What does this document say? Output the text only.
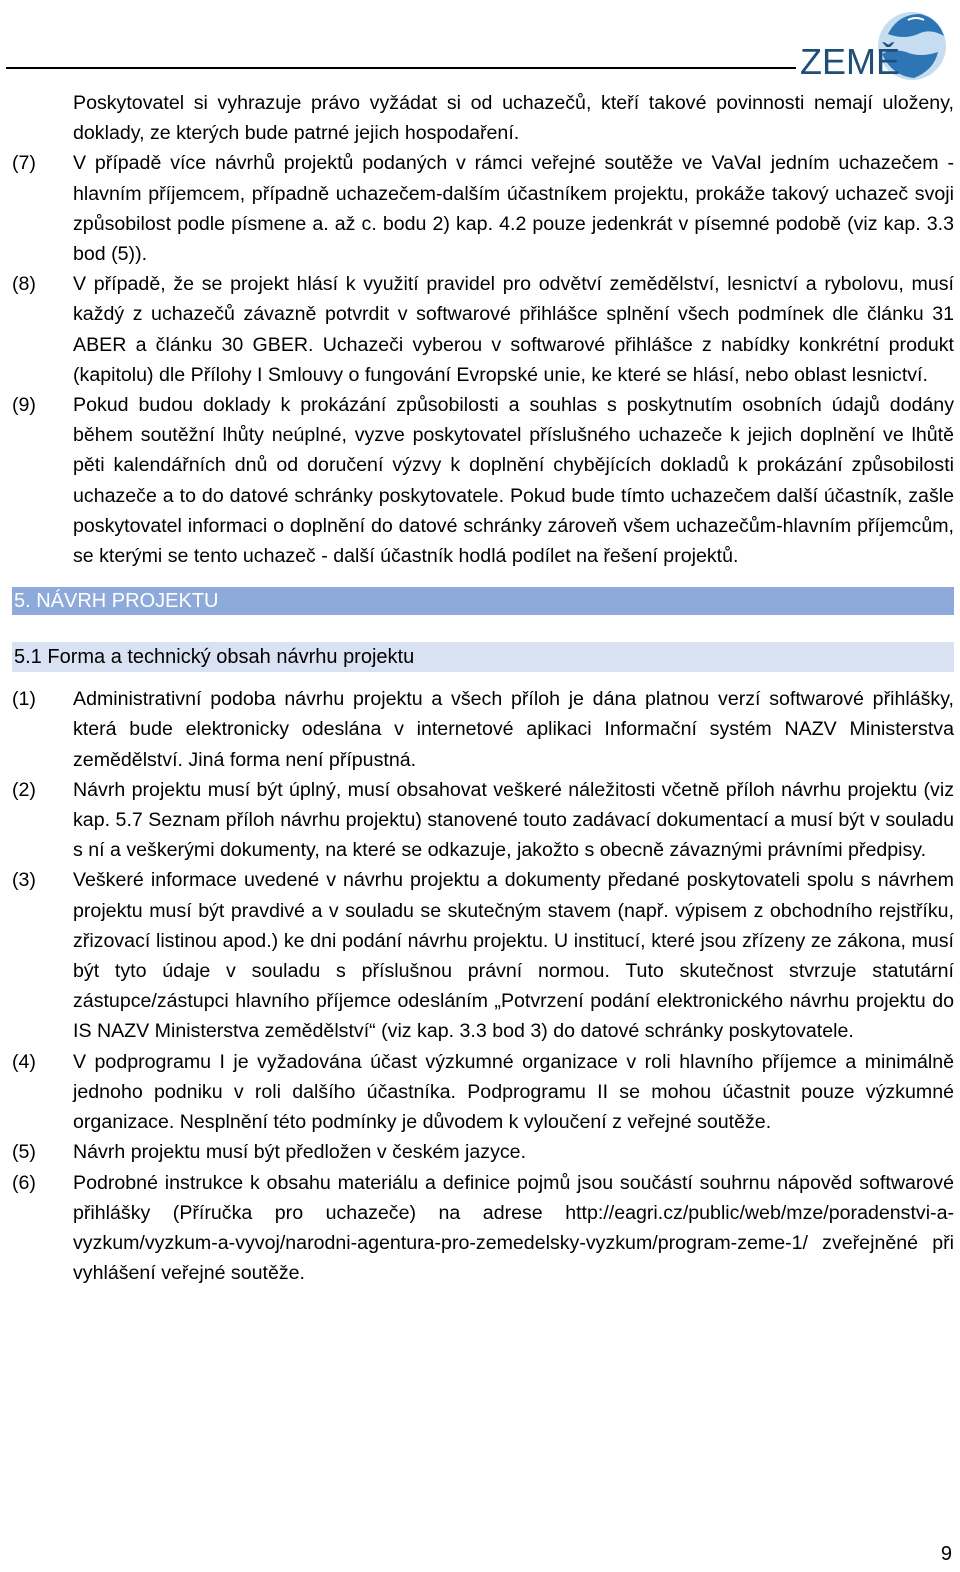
ZEMĚ
Poskytovatel si vyhrazuje právo vyžádat si od uchazečů, kteří takové povinnosti nemají uloženy, doklady, ze kterých bude patrné jejich hospodaření.
(7)	V případě více návrhů projektů podaných v rámci veřejné soutěže ve VaVaI jedním uchazečem - hlavním příjemcem, případně uchazečem-dalším účastníkem projektu, prokáže takový uchazeč svoji způsobilost podle písmene a. až c. bodu 2) kap. 4.2 pouze jedenkrát v písemné podobě (viz kap. 3.3 bod (5)).
(8)	V případě, že se projekt hlásí k využití pravidel pro odvětví zemědělství, lesnictví a rybolovu, musí každý z uchazečů závazně potvrdit v softwarové přihlášce splnění všech podmínek dle článku 31 ABER a článku 30 GBER. Uchazeči vyberou v softwarové přihlášce z nabídky konkrétní produkt (kapitolu) dle Přílohy I Smlouvy o fungování Evropské unie, ke které se hlásí, nebo oblast lesnictví.
(9)	Pokud budou doklady k prokázání způsobilosti a souhlas s poskytnutím osobních údajů dodány během soutěžní lhůty neúplné, vyzve poskytovatel příslušného uchazeče k jejich doplnění ve lhůtě pěti kalendářních dnů od doručení výzvy k doplnění chybějících dokladů k prokázání způsobilosti uchazeče a to do datové schránky poskytovatele. Pokud bude tímto uchazečem další účastník, zašle poskytovatel informaci o doplnění do datové schránky zároveň všem uchazečům-hlavním příjemcům, se kterými se tento uchazeč - další účastník hodlá podílet na řešení projektů.
5. NÁVRH PROJEKTU
5.1 Forma a technický obsah návrhu projektu
(1)	Administrativní podoba návrhu projektu a všech příloh je dána platnou verzí softwarové přihlášky, která bude elektronicky odeslána v internetové aplikaci Informační systém NAZV Ministerstva zemědělství. Jiná forma není přípustná.
(2)	Návrh projektu musí být úplný, musí obsahovat veškeré náležitosti včetně příloh návrhu projektu (viz kap. 5.7 Seznam příloh návrhu projektu) stanovené touto zadávací dokumentací a musí být v souladu s ní a veškerými dokumenty, na které se odkazuje, jakožto s obecně závaznými právními předpisy.
(3)	Veškeré informace uvedené v návrhu projektu a dokumenty předané poskytovateli spolu s návrhem projektu musí být pravdivé a v souladu se skutečným stavem (např. výpisem z obchodního rejstříku, zřizovací listinou apod.) ke dni podání návrhu projektu. U institucí, které jsou zřízeny ze zákona, musí být tyto údaje v souladu s příslušnou právní normou. Tuto skutečnost stvrzuje statutární zástupce/zástupci hlavního příjemce odesláním „Potvrzení podání elektronického návrhu projektu do IS NAZV Ministerstva zemědělství“ (viz kap. 3.3 bod 3) do datové schránky poskytovatele.
(4)	V podprogramu I je vyžadována účast výzkumné organizace v roli hlavního příjemce a minimálně jednoho podniku v roli dalšího účastníka. Podprogramu II se mohou účastnit pouze výzkumné organizace. Nesplnění této podmínky je důvodem k vyloučení z veřejné soutěže.
(5)	Návrh projektu musí být předložen v českém jazyce.
(6)	Podrobné instrukce k obsahu materiálu a definice pojmů jsou součástí souhrnu nápověd softwarové přihlášky (Příručka pro uchazeče) na adrese http://eagri.cz/public/web/mze/poradenstvi-a-vyzkum/vyzkum-a-vyvoj/narodni-agentura-pro-zemedelsky-vyzkum/program-zeme-1/ zveřejněné při vyhlášení veřejné soutěže.
9
